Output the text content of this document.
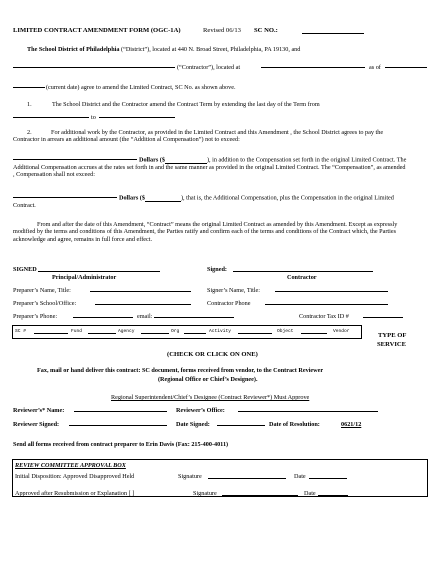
LIMITED CONTRACT AMENDMENT FORM (OGC-1A)	Revised 06/13 SC NO.:
The School District of Philadelphia (“District”), located at 440 N. Broad Street, Philadelphia, PA 19130, and
(“Contractor”), located at	as of
(current date) agree to amend the Limited Contract, SC No. as shown above.
1.	The School District and the Contractor amend the Contract Term by extending the last day of the Term from
to
2.	For additional work by the Contractor, as provided in the Limited Contract and this Amendment , the School District agrees to pay the Contractor in arrears an additional amount (the “Addition al Compensation”) not to exceed:
Dollars ($	), in addition to the Compensation set forth in the original Limited Contract. The Additional Compensation accrues at the rates set forth in and the same manner as provided in the original Limited Contract. The “Compensation”, as amended , Compensation shall not exceed:
Dollars ($	), that is, the Additional Compensation, plus the Compensation in the original Limited Contract.
From and after the date of this Amendment, “Contract” means the original Limited Contract as amended by this Amendment. Except as expressly modified by the terms and conditions of this Amendment, the Parties ratify and confirm each of the terms and conditions of the Contract which, the Parties acknowledge and agree, remains in full force and effect.
SIGNED
Principal/Administrator
Signed:
Contractor
Preparer’s Name, Title:	Signer’s Name, Title:
Preparer’s School/Office:	Contractor Phone
Preparer’s Phone:	email:	Contractor Tax ID #
SC #	Fund	Agency	Org	Activity	Object	Vendor
TYPE OF
SERVICE
(CHECK OR CLICK ON ONE)
Fax, mail or hand deliver this contract: SC document, forms received from vendor, to the Contract Reviewer
(Regional Office or Chief’s Designee).
Regional Superintendent/Chief’s Designee (Contract Reviewer*) Must Approve
Reviewer’s* Name:	Reviewer’s Office:
Reviewer Signed:	Date Signed:	Date of Resolution:	0621/12
Send all forms received from contract preparer to Erin Davis (Fax: 215-400-4011)
REVIEW COMMITTEE APPROVAL BOX
Initial Disposition: Approved Disapproved Held	Signature	Date
Approved after Resubmission or Explanation [ ]	Signature	Date
